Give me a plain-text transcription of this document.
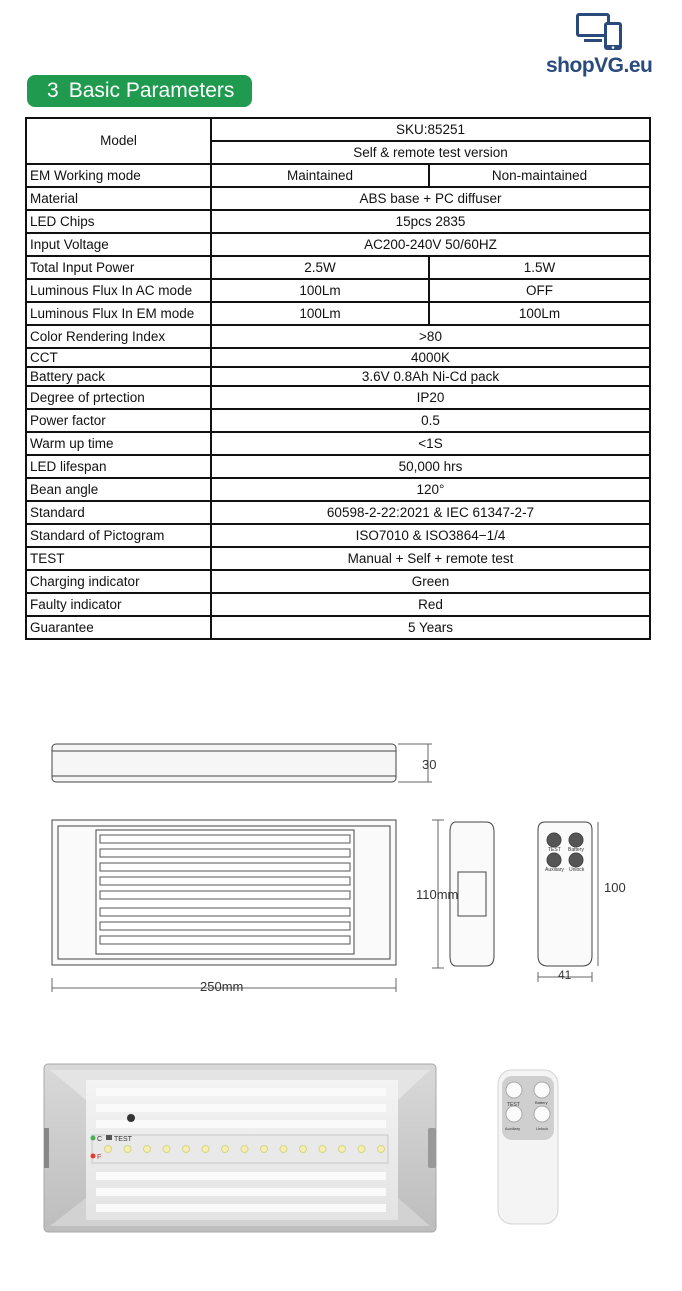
shopVG.eu
3 Basic Parameters
Model	SKU:85251	
	Self & remote test version	
EM Working mode	Maintained	Non-maintained
Material	ABS base + PC diffuser	
LED Chips	15pcs 2835	
Input Voltage	AC200-240V 50/60HZ	
Total Input Power	2.5W	1.5W
Luminous Flux In AC mode	100Lm	OFF
Luminous Flux In EM mode	100Lm	100Lm
Color Rendering Index	>80	
CCT	4000K	
Battery pack	3.6V 0.8Ah Ni-Cd pack	
Degree of prtection	IP20	
Power factor	0.5	
Warm up time	<1S	
LED lifespan	50,000 hrs	
Bean angle	120°	
Standard	60598-2-22:2021 & IEC 61347-2-7	
Standard of Pictogram	ISO7010 & ISO3864−1/4	
TEST	Manual + Self + remote test	
Charging indicator	Green	
Faulty indicator	Red	
Guarantee	5 Years	
30
250mm
110mm
TEST Battery
Auxiliary Unlock
100
41
C
F
TEST
TEST	Battery
Auxiliary	Unlock
